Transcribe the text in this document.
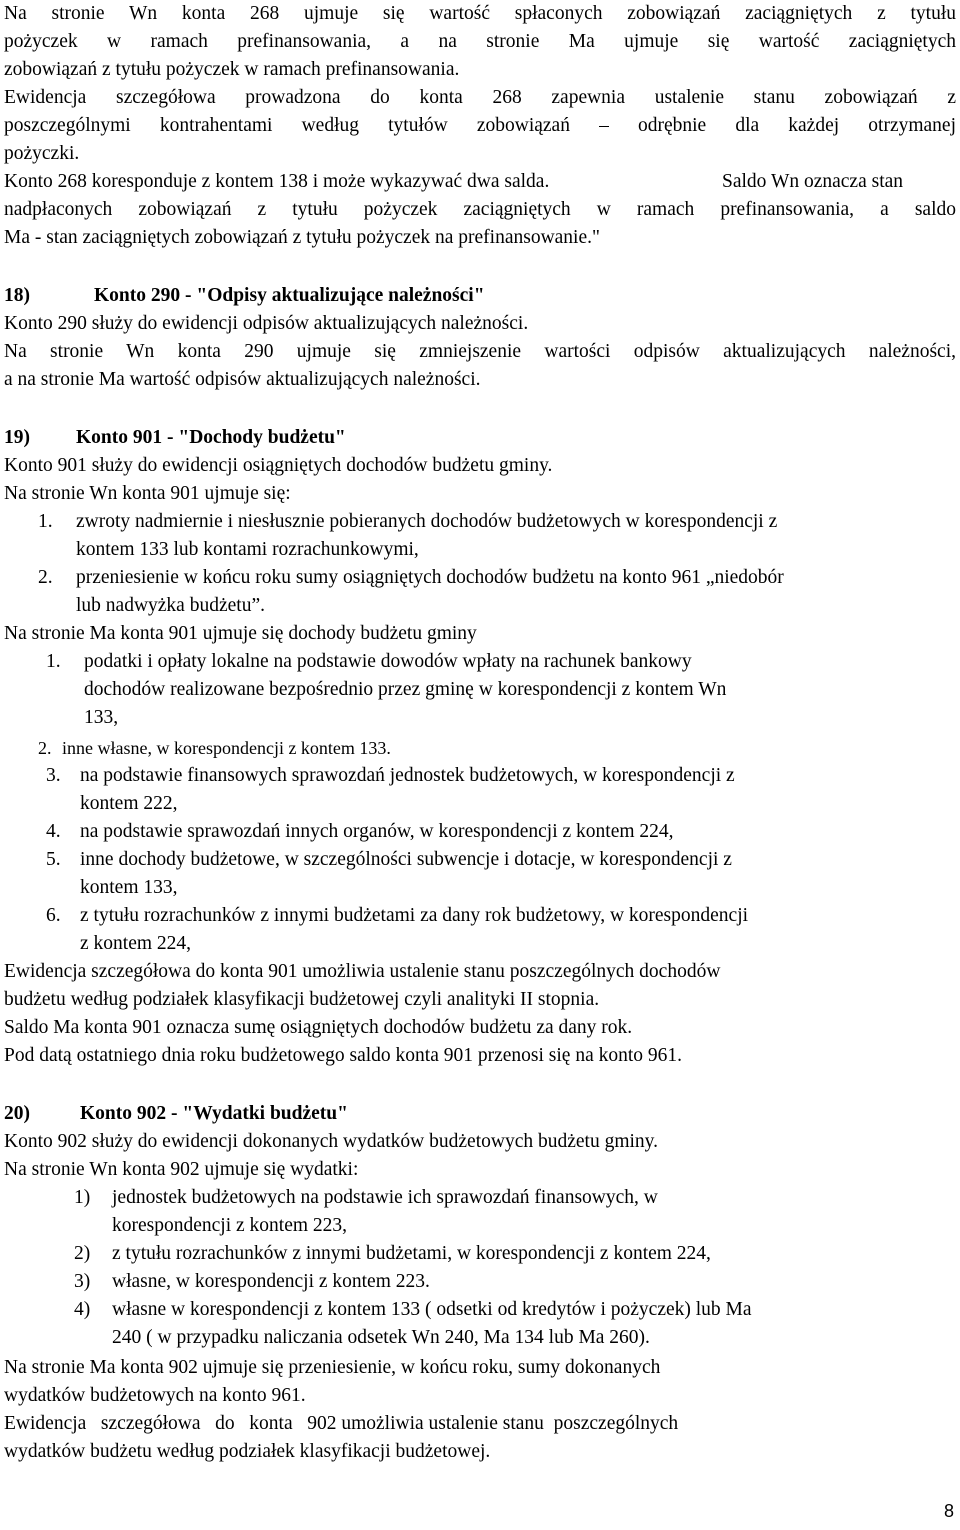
Na stronie Wn konta 268 ujmuje się wartość spłaconych zobowiązań zaciągniętych z tytułu
pożyczek w ramach prefinansowania, a na stronie Ma ujmuje się wartość zaciągniętych
zobowiązań z tytułu pożyczek w ramach prefinansowania.
Ewidencja szczegółowa prowadzona do konta 268 zapewnia ustalenie stanu zobowiązań z
poszczególnymi kontrahentami według tytułów zobowiązań – odrębnie dla każdej otrzymanej
pożyczki.
Konto 268 koresponduje z kontem 138 i może wykazywać dwa salda.	Saldo Wn oznacza stan
nadpłaconych zobowiązań z tytułu pożyczek zaciągniętych w ramach prefinansowania, a saldo
Ma - stan zaciągniętych zobowiązań z tytułu pożyczek na prefinansowanie."
18)	Konto 290 - "Odpisy aktualizujące należności"
Konto 290 służy do ewidencji odpisów aktualizujących należności.
Na stronie Wn konta 290 ujmuje się zmniejszenie wartości odpisów aktualizujących należności,
a na stronie Ma wartość odpisów aktualizujących należności.
19) Konto 901 - "Dochody budżetu"
Konto 901 służy do ewidencji osiągniętych dochodów budżetu gminy.
Na stronie Wn konta 901 ujmuje się:
1. zwroty nadmiernie i niesłusznie pobieranych dochodów budżetowych w korespondencji z
kontem 133 lub kontami rozrachunkowymi,
2. przeniesienie w końcu roku sumy osiągniętych dochodów budżetu na konto 961 „niedobór
lub nadwyżka budżetu”.
Na stronie Ma konta 901 ujmuje się dochody budżetu gminy
1. podatki i opłaty lokalne na podstawie dowodów wpłaty na rachunek bankowy
dochodów realizowane bezpośrednio przez gminę w korespondencji z kontem Wn
133,
2. inne własne, w korespondencji z kontem 133.
3. na podstawie finansowych sprawozdań jednostek budżetowych, w korespondencji z
kontem 222,
4. na podstawie sprawozdań innych organów, w korespondencji z kontem 224,
5. inne dochody budżetowe, w szczególności subwencje i dotacje, w korespondencji z
kontem 133,
6. z tytułu rozrachunków z innymi budżetami za dany rok budżetowy, w korespondencji
z kontem 224,
Ewidencja szczegółowa do konta 901 umożliwia ustalenie stanu poszczególnych dochodów
budżetu według podziałek klasyfikacji budżetowej czyli analityki II stopnia.
Saldo Ma konta 901 oznacza sumę osiągniętych dochodów budżetu za dany rok.
Pod datą ostatniego dnia roku budżetowego saldo konta 901 przenosi się na konto 961.
20)	Konto 902 - "Wydatki budżetu"
Konto 902 służy do ewidencji dokonanych wydatków budżetowych budżetu gminy.
Na stronie Wn konta 902 ujmuje się wydatki:
1) jednostek budżetowych na podstawie ich sprawozdań finansowych, w
korespondencji z kontem 223,
2) z tytułu rozrachunków z innymi budżetami, w korespondencji z kontem 224,
3) własne, w korespondencji z kontem 223.
4) własne w korespondencji z kontem 133 ( odsetki od kredytów i pożyczek) lub Ma
240 ( w przypadku naliczania odsetek Wn 240, Ma 134 lub Ma 260).
Na stronie Ma konta 902 ujmuje się przeniesienie, w końcu roku, sumy dokonanych
wydatków budżetowych na konto 961.
Ewidencja   szczegółowa   do   konta   902 umożliwia ustalenie stanu  poszczególnych
wydatków budżetu według podziałek klasyfikacji budżetowej.
8
